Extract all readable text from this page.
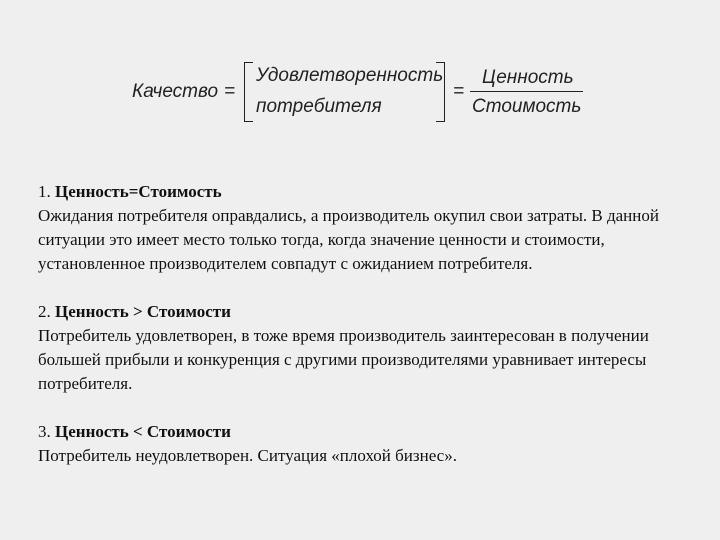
Качество =
Удовлетворенность
потребителя
=
Ценность
Стоимость
1. Ценность=Стоимость

Ожидания потребителя оправдались, а производитель окупил свои затраты. В данной ситуации это имеет место только тогда, когда значение ценности и стоимости, установленное производителем совпадут с ожиданием потребителя.

2. Ценность > Стоимости

Потребитель удовлетворен, в тоже время производитель заинтересован в получении большей прибыли и конкуренция с другими производителями уравнивает интересы потребителя.

3. Ценность < Стоимости

Потребитель неудовлетворен. Ситуация «плохой бизнес».
